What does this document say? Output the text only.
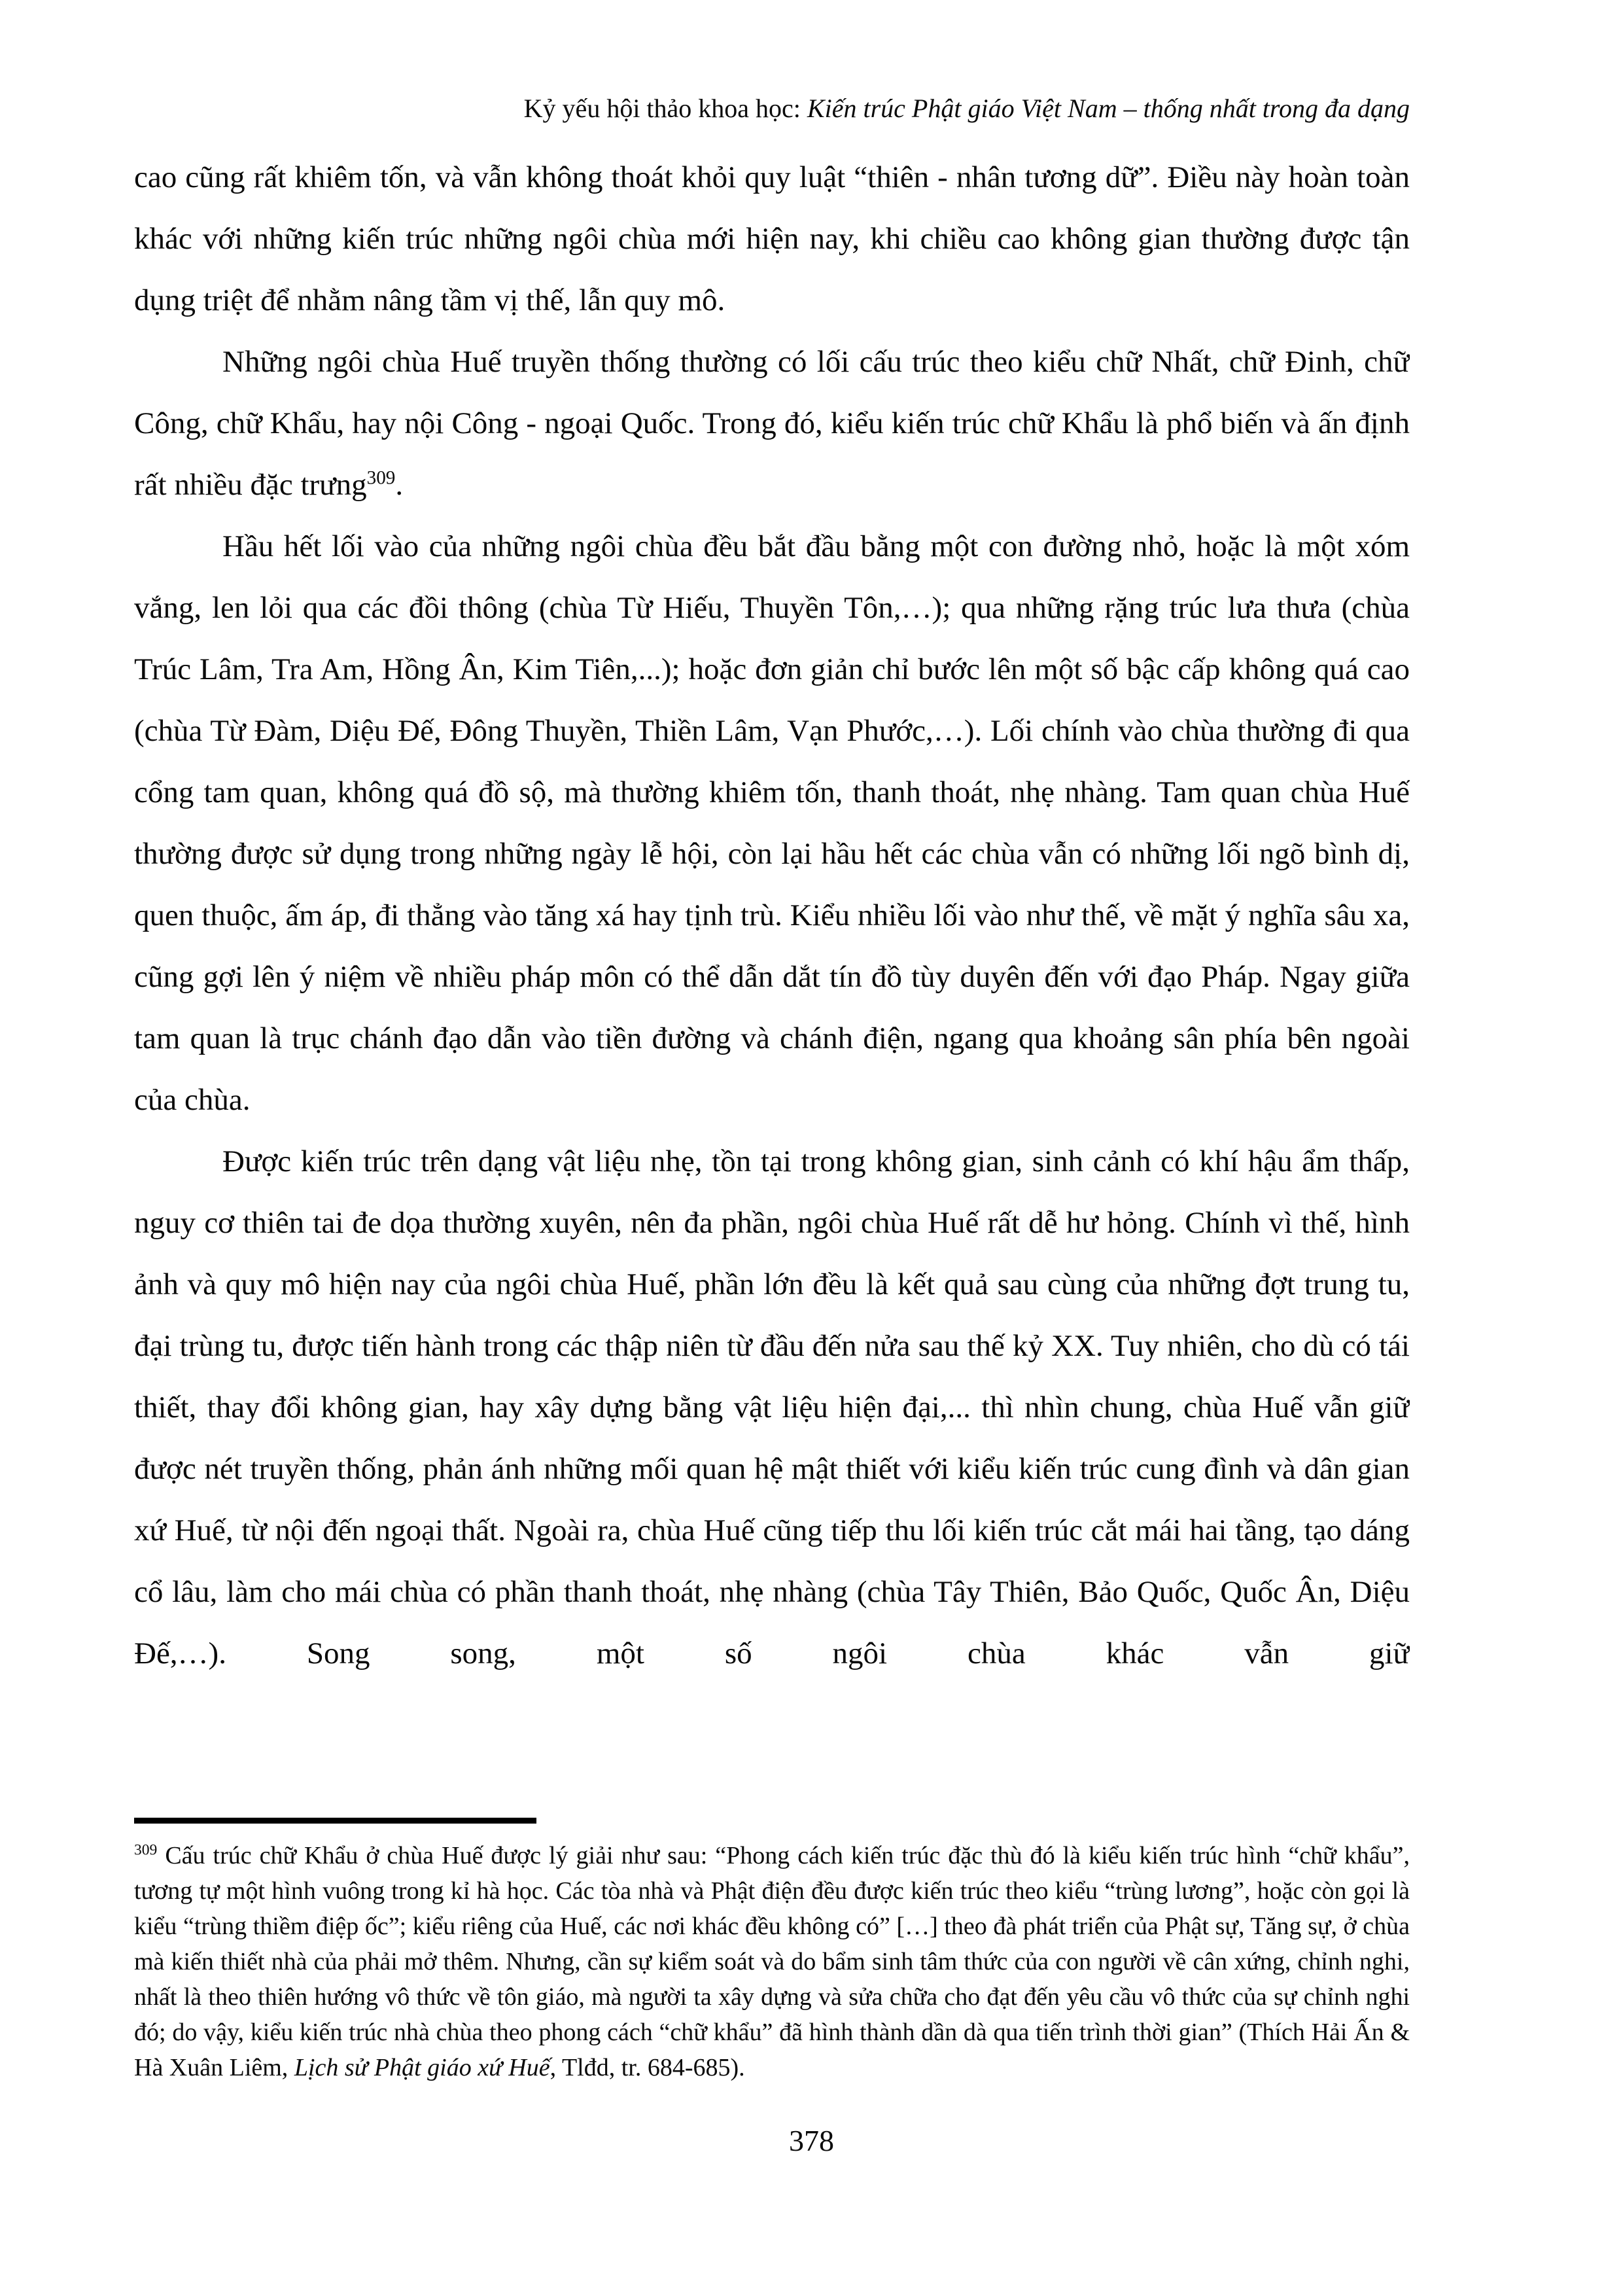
Kỷ yếu hội thảo khoa học: Kiến trúc Phật giáo Việt Nam – thống nhất trong đa dạng

cao cũng rất khiêm tốn, và vẫn không thoát khỏi quy luật “thiên - nhân tương dữ”. Điều này hoàn toàn khác với những kiến trúc những ngôi chùa mới hiện nay, khi chiều cao không gian thường được tận dụng triệt để nhằm nâng tầm vị thế, lẫn quy mô.

Những ngôi chùa Huế truyền thống thường có lối cấu trúc theo kiểu chữ Nhất, chữ Đinh, chữ Công, chữ Khẩu, hay nội Công - ngoại Quốc. Trong đó, kiểu kiến trúc chữ Khẩu là phổ biến và ấn định rất nhiều đặc trưng$^{309}$.

Hầu hết lối vào của những ngôi chùa đều bắt đầu bằng một con đường nhỏ, hoặc là một xóm vắng, len lỏi qua các đồi thông (chùa Từ Hiếu, Thuyền Tôn,…); qua những rặng trúc lưa thưa (chùa Trúc Lâm, Tra Am, Hồng Ân, Kim Tiên,...); hoặc đơn giản chỉ bước lên một số bậc cấp không quá cao (chùa Từ Đàm, Diệu Đế, Đông Thuyền, Thiền Lâm, Vạn Phước,…). Lối chính vào chùa thường đi qua cổng tam quan, không quá đồ sộ, mà thường khiêm tốn, thanh thoát, nhẹ nhàng. Tam quan chùa Huế thường được sử dụng trong những ngày lễ hội, còn lại hầu hết các chùa vẫn có những lối ngõ bình dị, quen thuộc, ấm áp, đi thẳng vào tăng xá hay tịnh trù. Kiểu nhiều lối vào như thế, về mặt ý nghĩa sâu xa, cũng gợi lên ý niệm về nhiều pháp môn có thể dẫn dắt tín đồ tùy duyên đến với đạo Pháp. Ngay giữa tam quan là trục chánh đạo dẫn vào tiền đường và chánh điện, ngang qua khoảng sân phía bên ngoài của chùa.

Được kiến trúc trên dạng vật liệu nhẹ, tồn tại trong không gian, sinh cảnh có khí hậu ẩm thấp, nguy cơ thiên tai đe dọa thường xuyên, nên đa phần, ngôi chùa Huế rất dễ hư hỏng. Chính vì thế, hình ảnh và quy mô hiện nay của ngôi chùa Huế, phần lớn đều là kết quả sau cùng của những đợt trung tu, đại trùng tu, được tiến hành trong các thập niên từ đầu đến nửa sau thế kỷ XX. Tuy nhiên, cho dù có tái thiết, thay đổi không gian, hay xây dựng bằng vật liệu hiện đại,... thì nhìn chung, chùa Huế vẫn giữ được nét truyền thống, phản ánh những mối quan hệ mật thiết với kiểu kiến trúc cung đình và dân gian xứ Huế, từ nội đến ngoại thất. Ngoài ra, chùa Huế cũng tiếp thu lối kiến trúc cắt mái hai tầng, tạo dáng cổ lâu, làm cho mái chùa có phần thanh thoát, nhẹ nhàng (chùa Tây Thiên, Bảo Quốc, Quốc Ân, Diệu Đế,…). Song song, một số ngôi chùa khác vẫn giữ

$^{309}$ Cấu trúc chữ Khẩu ở chùa Huế được lý giải như sau: “Phong cách kiến trúc đặc thù đó là kiểu kiến trúc hình “chữ khẩu”, tương tự một hình vuông trong kỉ hà học. Các tòa nhà và Phật điện đều được kiến trúc theo kiểu “trùng lương”, hoặc còn gọi là kiểu “trùng thiềm điệp ốc”; kiểu riêng của Huế, các nơi khác đều không có” […] theo đà phát triển của Phật sự, Tăng sự, ở chùa mà kiến thiết nhà của phải mở thêm. Nhưng, cần sự kiểm soát và do bẩm sinh tâm thức của con người về cân xứng, chỉnh nghi, nhất là theo thiên hướng vô thức về tôn giáo, mà người ta xây dựng và sửa chữa cho đạt đến yêu cầu vô thức của sự chỉnh nghi đó; do vậy, kiểu kiến trúc nhà chùa theo phong cách “chữ khẩu” đã hình thành dần dà qua tiến trình thời gian” (Thích Hải Ấn & Hà Xuân Liêm, Lịch sử Phật giáo xứ Huế, Tlđd, tr. 684-685).
378
